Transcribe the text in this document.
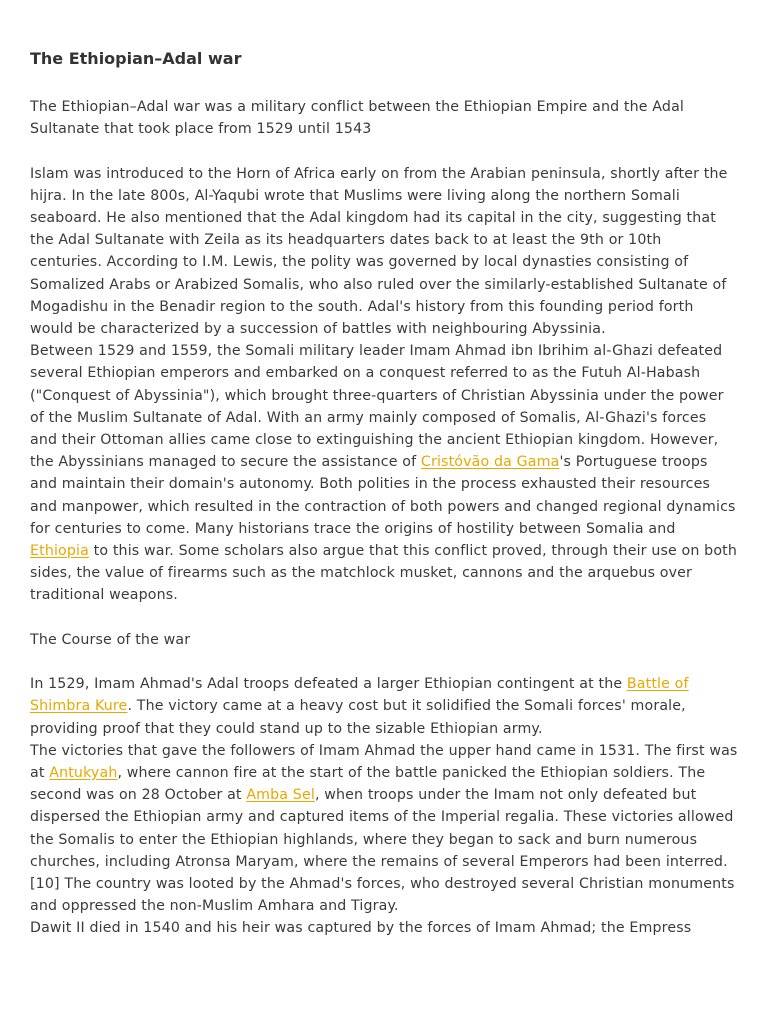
The Ethiopian–Adal war

The Ethiopian–Adal war was a military conflict between the Ethiopian Empire and the Adal Sultanate that took place from 1529 until 1543

Islam was introduced to the Horn of Africa early on from the Arabian peninsula, shortly after the hijra. In the late 800s, Al-Yaqubi wrote that Muslims were living along the northern Somali seaboard. He also mentioned that the Adal kingdom had its capital in the city, suggesting that the Adal Sultanate with Zeila as its headquarters dates back to at least the 9th or 10th centuries. According to I.M. Lewis, the polity was governed by local dynasties consisting of Somalized Arabs or Arabized Somalis, who also ruled over the similarly-established Sultanate of Mogadishu in the Benadir region to the south. Adal's history from this founding period forth would be characterized by a succession of battles with neighbouring Abyssinia.

Between 1529 and 1559, the Somali military leader Imam Ahmad ibn Ibrihim al-Ghazi defeated several Ethiopian emperors and embarked on a conquest referred to as the Futuh Al-Habash ("Conquest of Abyssinia"), which brought three-quarters of Christian Abyssinia under the power of the Muslim Sultanate of Adal. With an army mainly composed of Somalis, Al-Ghazi's forces and their Ottoman allies came close to extinguishing the ancient Ethiopian kingdom. However, the Abyssinians managed to secure the assistance of Cristóvão da Gama's Portuguese troops and maintain their domain's autonomy. Both polities in the process exhausted their resources and manpower, which resulted in the contraction of both powers and changed regional dynamics for centuries to come. Many historians trace the origins of hostility between Somalia and Ethiopia to this war. Some scholars also argue that this conflict proved, through their use on both sides, the value of firearms such as the matchlock musket, cannons and the arquebus over traditional weapons.

The Course of the war

In 1529, Imam Ahmad's Adal troops defeated a larger Ethiopian contingent at the Battle of Shimbra Kure. The victory came at a heavy cost but it solidified the Somali forces' morale, providing proof that they could stand up to the sizable Ethiopian army.

The victories that gave the followers of Imam Ahmad the upper hand came in 1531. The first was at Antukyah, where cannon fire at the start of the battle panicked the Ethiopian soldiers. The second was on 28 October at Amba Sel, when troops under the Imam not only defeated but dispersed the Ethiopian army and captured items of the Imperial regalia. These victories allowed the Somalis to enter the Ethiopian highlands, where they began to sack and burn numerous churches, including Atronsa Maryam, where the remains of several Emperors had been interred.[10] The country was looted by the Ahmad's forces, who destroyed several Christian monuments and oppressed the non-Muslim Amhara and Tigray.

Dawit II died in 1540 and his heir was captured by the forces of Imam Ahmad; the Empress
